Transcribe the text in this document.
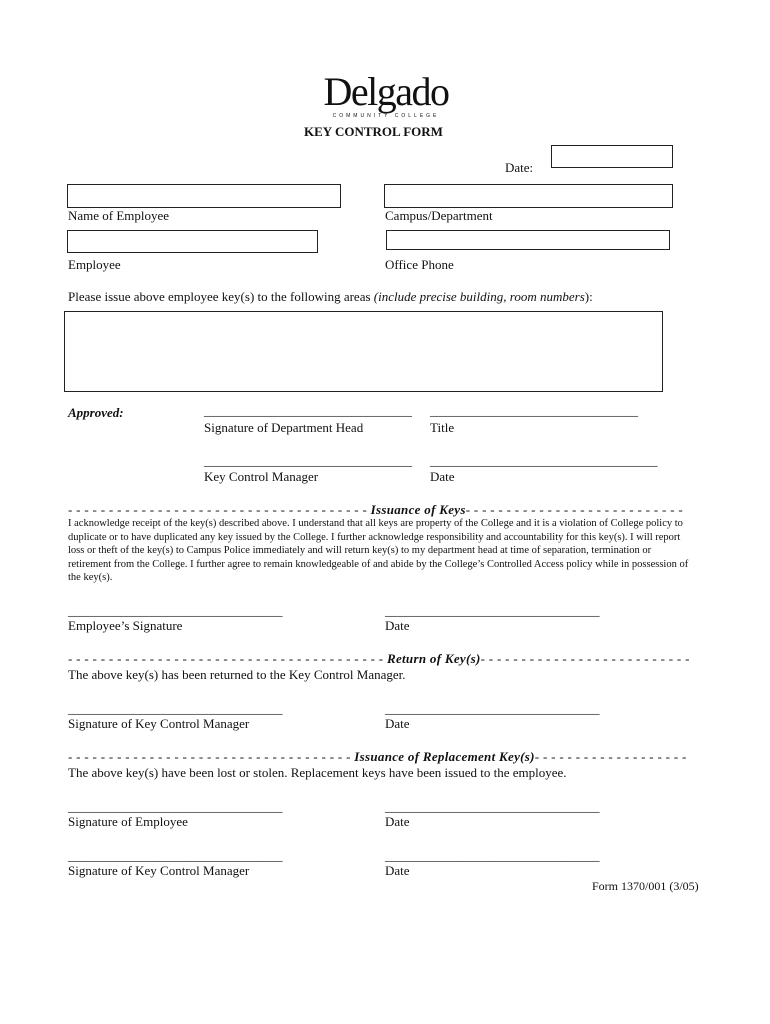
Delgado
COMMUNITY COLLEGE
KEY CONTROL FORM
Date:
Name of Employee	Campus/Department
Employee	Office Phone
Please issue above employee key(s) to the following areas (include precise building, room numbers):
Approved:	________________________________ ________________________________
Signature of Department Head	Title
________________________________ ___________________________________
Key Control Manager	Date
- - - - - - - - - - - - - - - - - - - - - - - - - - - - - - - - - - - - - Issuance of Keys- - - - - - - - - - - - - - - - - - - - - - - - - - -
I acknowledge receipt of the key(s) described above. I understand that all keys are property of the College and it is a violation of College policy to duplicate or to have duplicated any key issued by the College. I further acknowledge responsibility and accountability for this key(s). I will report loss or theft of the key(s) to Campus Police immediately and will return key(s) to my department head at time of separation, termination or retirement from the College. I further agree to remain knowledgeable of and abide by the College’s Controlled Access policy while in possession of the key(s).
_________________________________	_________________________________
Employee’s Signature	Date
- - - - - - - - - - - - - - - - - - - - - - - - - - - - - - - - - - - - - - - Return of Key(s)- - - - - - - - - - - - - - - - - - - - - - - - - -
The above key(s) has been returned to the Key Control Manager.
_________________________________	_________________________________
Signature of Key Control Manager	Date
- - - - - - - - - - - - - - - - - - - - - - - - - - - - - - - - - - - Issuance of Replacement Key(s)- - - - - - - - - - - - - - - - - - -
The above key(s) have been lost or stolen. Replacement keys have been issued to the employee.
_________________________________	_________________________________
Signature of Employee	Date
_________________________________	_________________________________
Signature of Key Control Manager	Date
Form 1370/001 (3/05)
